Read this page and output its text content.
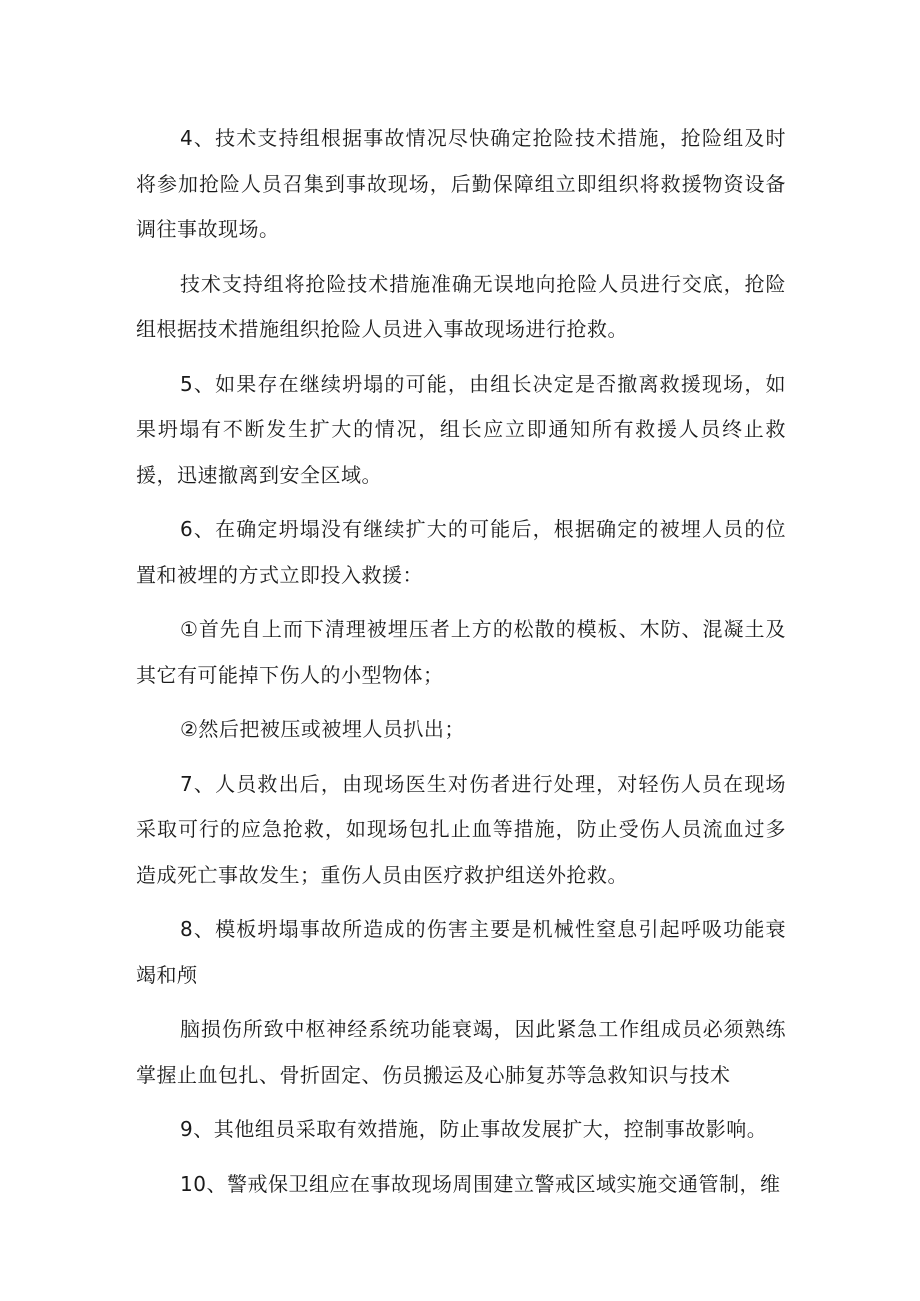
4、技术支持组根据事故情况尽快确定抢险技术措施，抢险组及时将参加抢险人员召集到事故现场，后勤保障组立即组织将救援物资设备调往事故现场。

技术支持组将抢险技术措施准确无误地向抢险人员进行交底，抢险组根据技术措施组织抢险人员进入事故现场进行抢救。

5、如果存在继续坍塌的可能，由组长决定是否撤离救援现场，如果坍塌有不断发生扩大的情况，组长应立即通知所有救援人员终止救援，迅速撤离到安全区域。

6、在确定坍塌没有继续扩大的可能后，根据确定的被埋人员的位置和被埋的方式立即投入救援：

①首先自上而下清理被埋压者上方的松散的模板、木防、混凝土及其它有可能掉下伤人的小型物体；

②然后把被压或被埋人员扒出；

7、人员救出后，由现场医生对伤者进行处理，对轻伤人员在现场采取可行的应急抢救，如现场包扎止血等措施，防止受伤人员流血过多造成死亡事故发生；重伤人员由医疗救护组送外抢救。

8、模板坍塌事故所造成的伤害主要是机械性窒息引起呼吸功能衰竭和颅

脑损伤所致中枢神经系统功能衰竭，因此紧急工作组成员必须熟练掌握止血包扎、骨折固定、伤员搬运及心肺复苏等急救知识与技术

9、其他组员采取有效措施，防止事故发展扩大，控制事故影响。

10、警戒保卫组应在事故现场周围建立警戒区域实施交通管制，维
